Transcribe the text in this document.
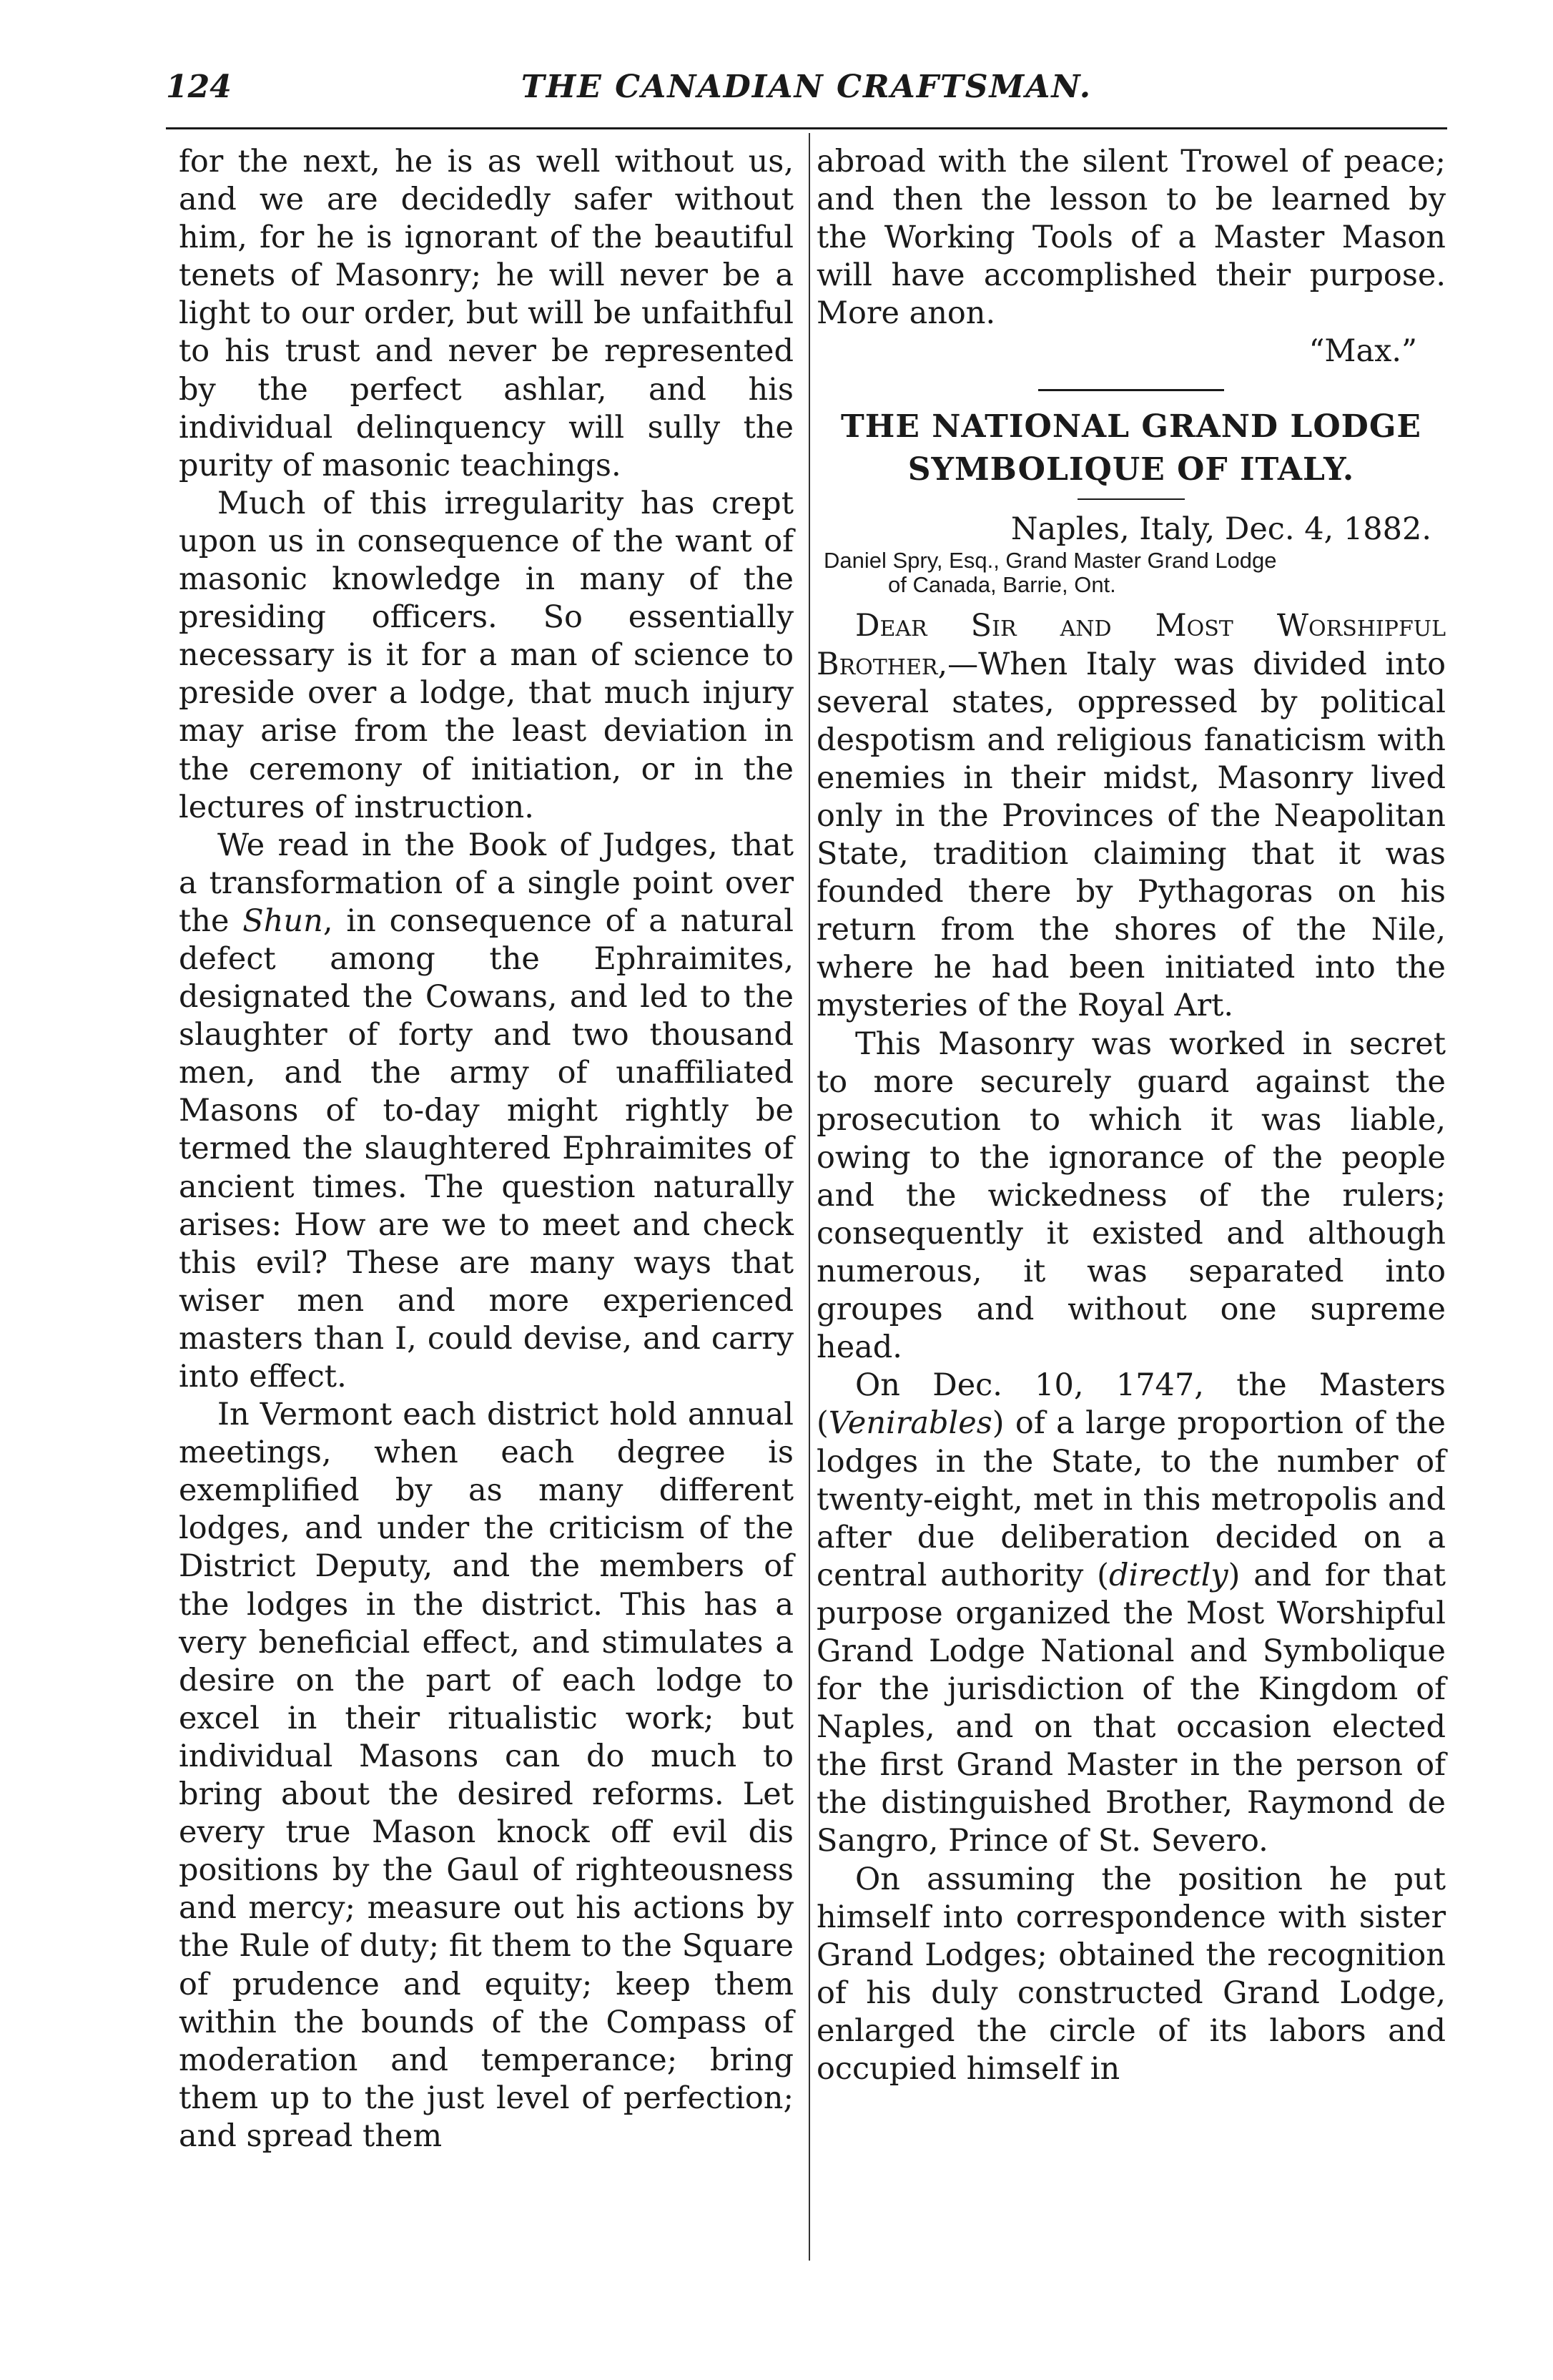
124	THE CANADIAN CRAFTSMAN.

for the next, he is as well without us, and we are decidedly safer without him, for he is ignorant of the beautiful tenets of Masonry; he will never be a light to our order, but will be unfaithful to his trust and never be represented by the perfect ashlar, and his individual delinquency will sully the purity of masonic teachings.

Much of this irregularity has crept upon us in consequence of the want of masonic knowledge in many of the presiding officers. So essentially necessary is it for a man of science to preside over a lodge, that much injury may arise from the least deviation in the ceremony of initiation, or in the lectures of instruction.

We read in the Book of Judges, that a transformation of a single point over the Shun, in consequence of a natural defect among the Ephraimites, designated the Cowans, and led to the slaughter of forty and two thousand men, and the army of unaffiliated Masons of to-day might rightly be termed the slaughtered Ephraimites of ancient times. The question naturally arises: How are we to meet and check this evil? These are many ways that wiser men and more experienced masters than I, could devise, and carry into effect.

In Vermont each district hold annual meetings, when each degree is exemplified by as many different lodges, and under the criticism of the District Deputy, and the members of the lodges in the district. This has a very beneficial effect, and stimulates a desire on the part of each lodge to excel in their ritualistic work; but individual Masons can do much to bring about the desired reforms. Let every true Mason knock off evil dis positions by the Gaul of righteousness and mercy; measure out his actions by the Rule of duty; fit them to the Square of prudence and equity; keep them within the bounds of the Compass of moderation and temperance; bring them up to the just level of perfection; and spread them

abroad with the silent Trowel of peace; and then the lesson to be learned by the Working Tools of a Master Mason will have accomplished their purpose. More anon.

“Max.”
THE NATIONAL GRAND LODGE
SYMBOLIQUE OF ITALY.
Naples, Italy, Dec. 4, 1882.
Daniel Spry, Esq., Grand Master Grand Lodge
of Canada, Barrie, Ont.

Dear Sir and Most Worshipful Brother,—When Italy was divided into several states, oppressed by political despotism and religious fanaticism with enemies in their midst, Masonry lived only in the Provinces of the Neapolitan State, tradition claiming that it was founded there by Pythagoras on his return from the shores of the Nile, where he had been initiated into the mysteries of the Royal Art.

This Masonry was worked in secret to more securely guard against the prosecution to which it was liable, owing to the ignorance of the people and the wickedness of the rulers; consequently it existed and although numerous, it was separated into groupes and without one supreme head.

On Dec. 10, 1747, the Masters (Venirables) of a large proportion of the lodges in the State, to the number of twenty-eight, met in this metropolis and after due deliberation decided on a central authority (directly) and for that purpose organized the Most Worshipful Grand Lodge National and Symbolique for the jurisdiction of the Kingdom of Naples, and on that occasion elected the first Grand Master in the person of the distinguished Brother, Raymond de Sangro, Prince of St. Severo.

On assuming the position he put himself into correspondence with sister Grand Lodges; obtained the recognition of his duly constructed Grand Lodge, enlarged the circle of its labors and occupied himself in
